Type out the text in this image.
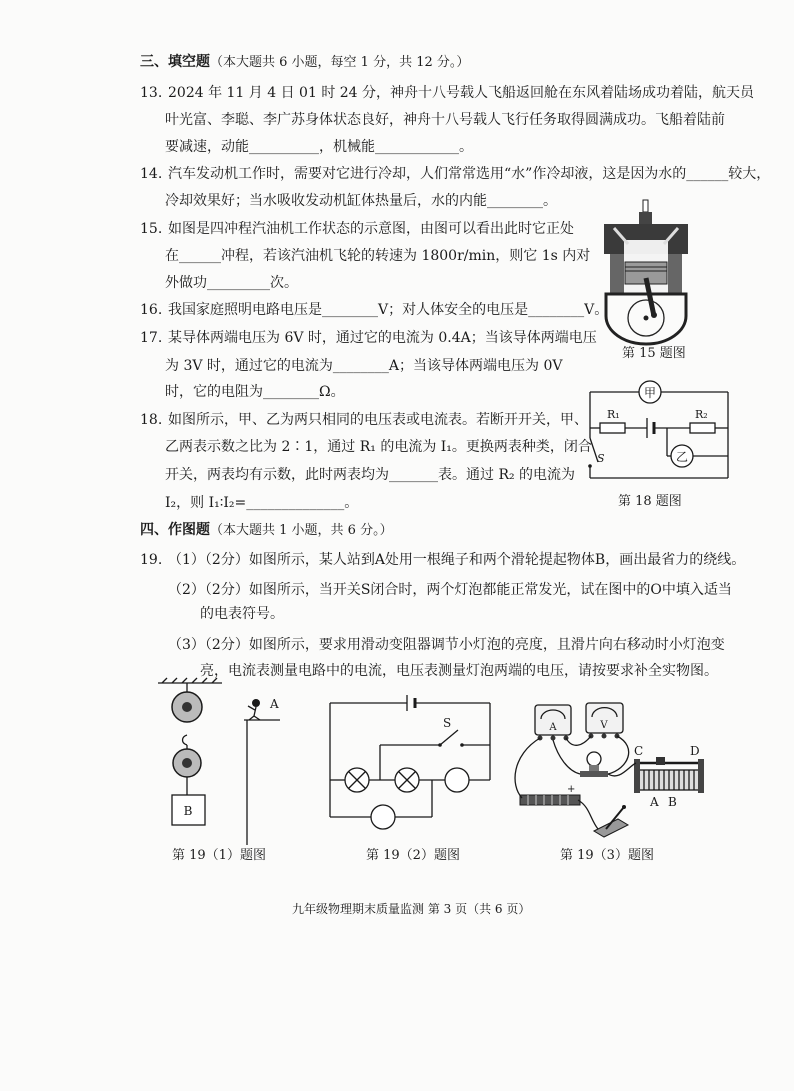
三、填空题（本大题共 6 小题，每空 1 分，共 12 分。）
13. 2024 年 11 月 4 日 01 时 24 分，神舟十八号载人飞船返回舱在东风着陆场成功着陆，航天员
叶光富、李聪、李广苏身体状态良好，神舟十八号载人飞行任务取得圆满成功。飞船着陆前
要减速，动能__________，机械能____________。
14. 汽车发动机工作时，需要对它进行冷却，人们常常选用“水”作冷却液，这是因为水的______较大，
冷却效果好；当水吸收发动机缸体热量后，水的内能________。
15. 如图是四冲程汽油机工作状态的示意图，由图可以看出此时它正处
在______冲程，若该汽油机飞轮的转速为 1800r/min，则它 1s 内对
外做功_________次。
16. 我国家庭照明电路电压是________V；对人体安全的电压是________V。
17. 某导体两端电压为 6V 时，通过它的电流为 0.4A；当该导体两端电压
为 3V 时，通过它的电流为________A；当该导体两端电压为 0V
时，它的电阻为________Ω。
18. 如图所示，甲、乙为两只相同的电压表或电流表。若断开开关，甲、
乙两表示数之比为 2∶1，通过 R₁ 的电流为 I₁。更换两表种类，闭合
开关，两表均有示数，此时两表均为_______表。通过 R₂ 的电流为
I₂，则 I₁∶I₂=______________。
四、作图题（本大题共 1 小题，共 6 分。）
19. （1）（2分）如图所示，某人站到A处用一根绳子和两个滑轮提起物体B，画出最省力的绕线。
（2）（2分）如图所示，当开关S闭合时，两个灯泡都能正常发光，试在图中的O中填入适当
的电表符号。
（3）（2分）如图所示，要求用滑动变阻器调节小灯泡的亮度，且滑片向右移动时小灯泡变
亮，电流表测量电路中的电流，电压表测量灯泡两端的电压，请按要求补全实物图。
第 15 题图
甲
R₁	R₂
乙
S
第 18 题图
B
A
第 19（1）题图
S
第 19（2）题图
A	V
C	D
A B
+
第 19（3）题图
九年级物理期末质量监测 第 3 页（共 6 页）
